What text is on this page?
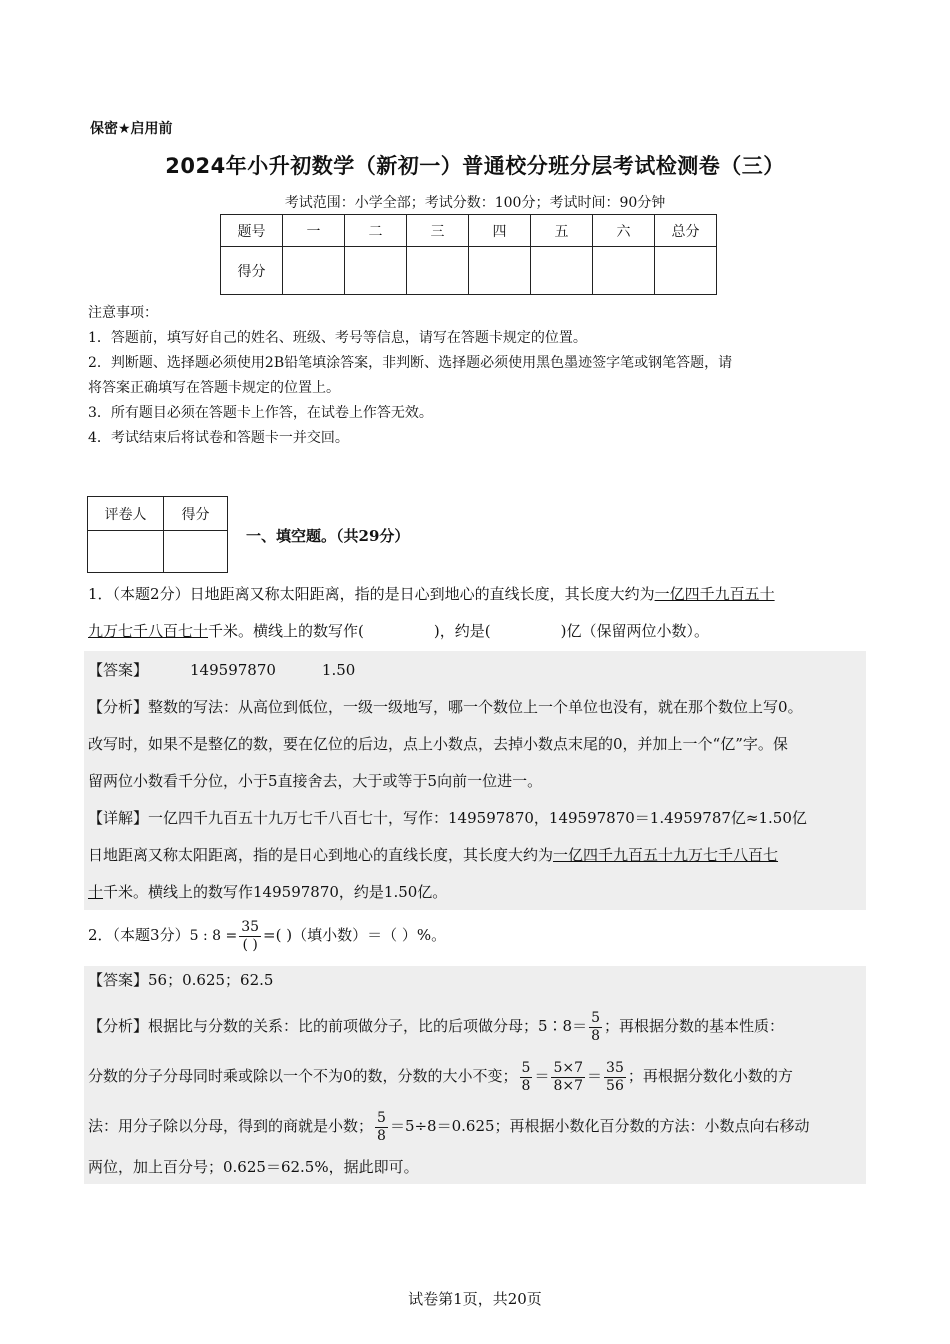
保密★启用前
2024年小升初数学（新初一）普通校分班分层考试检测卷（三）
考试范围：小学全部；考试分数：100分；考试时间：90分钟
题号	一	二	三	四	五	六	总分
得分							
注意事项：
1．答题前，填写好自己的姓名、班级、考号等信息，请写在答题卡规定的位置。
2．判断题、选择题必须使用2B铅笔填涂答案，非判断、选择题必须使用黑色墨迹签字笔或钢笔答题，请
将答案正确填写在答题卡规定的位置上。
3．所有题目必须在答题卡上作答，在试卷上作答无效。
4．考试结束后将试卷和答题卡一并交回。
评卷人	得分

一、填空题。（共29分）
1．（本题2分）日地距离又称太阳距离，指的是日心到地心的直线长度，其长度大约为一亿四千九百五十
九万七千八百七十千米。横线上的数写作(	)，约是(	)亿（保留两位小数）。
【答案】	149597870	1.50
【分析】整数的写法：从高位到低位，一级一级地写，哪一个数位上一个单位也没有，就在那个数位上写0。
改写时，如果不是整亿的数，要在亿位的后边，点上小数点，去掉小数点末尾的0，并加上一个“亿”字。保
留两位小数看千分位，小于5直接舍去，大于或等于5向前一位进一。
【详解】一亿四千九百五十九万七千八百七十，写作：149597870，149597870＝1.4959787亿≈1.50亿
日地距离又称太阳距离，指的是日心到地心的直线长度，其长度大约为一亿四千九百五十九万七千八百七
十千米。横线上的数写作149597870，约是1.50亿。
2．（本题3分）5 : $8 = \frac{35}{( )}$ =( )（填小数）＝（ ）%。
【答案】56；0.625；62.5
【分析】根据比与分数的关系：比的前项做分子，比的后项做分母；5∶8＝ $\frac{5}{8}$ ；再根据分数的基本性质：
分数的分子分母同时乘或除以一个不为0的数，分数的大小不变； $\frac{5}{8} = \frac{5\times 7}{8\times 7} = \frac{35}{56}$ ；再根据分数化小数的方
法：用分子除以分母，得到的商就是小数； $\frac{5}{8} =5\div 8=0.625$；再根据小数化百分数的方法：小数点向右移动
两位，加上百分号；0.625＝62.5%，据此即可。
试卷第1页，共20页
